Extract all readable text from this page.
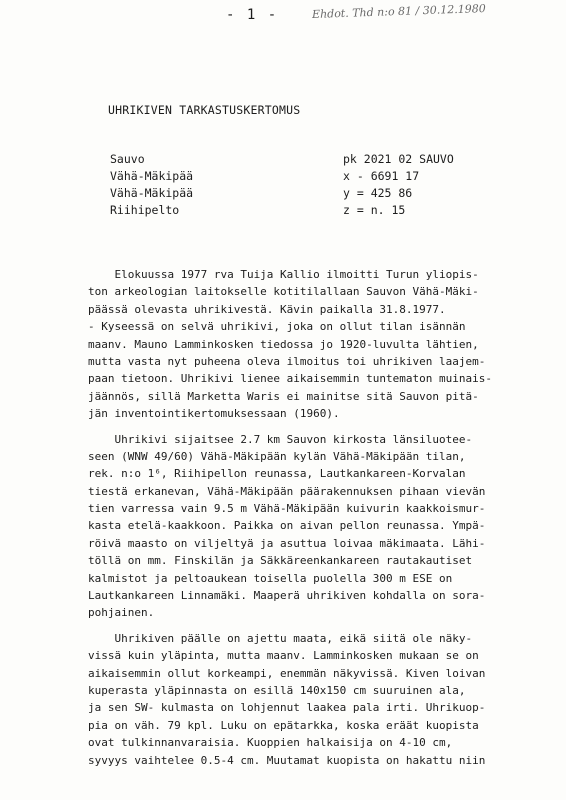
- 1 -	Ehdot. Thd n:o 81 / 30.12.1980
UHRIKIVEN TARKASTUSKERTOMUS
Sauvo	pk 2021 02 SAUVO
Vähä-Mäkipää	x - 6691 17
Vähä-Mäkipää	y = 425 86
Riihipelto	z = n. 15
Elokuussa 1977 rva Tuija Kallio ilmoitti Turun yliopis-
ton arkeologian laitokselle kotitilallaan Sauvon Vähä-Mäki-
päässä olevasta uhrikivestä. Kävin paikalla 31.8.1977.
- Kyseessä on selvä uhrikivi, joka on ollut tilan isännän
maanv. Mauno Lamminkosken tiedossa jo 1920-luvulta lähtien,
mutta vasta nyt puheena oleva ilmoitus toi uhrikiven laajem-
paan tietoon. Uhrikivi lienee aikaisemmin tuntematon muinais-
jäännös, sillä Marketta Waris ei mainitse sitä Sauvon pitä-
jän inventointikertomuksessaan (1960).
Uhrikivi sijaitsee 2.7 km Sauvon kirkosta länsiluotee-
seen (WNW 49/60) Vähä-Mäkipään kylän Vähä-Mäkipään tilan,
rek. n:o 1⁶, Riihipellon reunassa, Lautkankareen-Korvalan
tiestä erkanevan, Vähä-Mäkipään päärakennuksen pihaan vievän
tien varressa vain 9.5 m Vähä-Mäkipään kuivurin kaakkoismur-
kasta etelä-kaakkoon. Paikka on aivan pellon reunassa. Ympä-
röivä maasto on viljeltyä ja asuttua loivaa mäkimaata. Lähi-
töllä on mm. Finskilän ja Säkkäreenkankareen rautakautiset
kalmistot ja peltoaukean toisella puolella 300 m ESE on
Lautkankareen Linnamäki. Maaperä uhrikiven kohdalla on sora-
pohjainen.
Uhrikiven päälle on ajettu maata, eikä siitä ole näky-
vissä kuin yläpinta, mutta maanv. Lamminkosken mukaan se on
aikaisemmin ollut korkeampi, enemmän näkyvissä. Kiven loivan
kuperasta yläpinnasta on esillä 140x150 cm suuruinen ala,
ja sen SW- kulmasta on lohjennut laakea pala irti. Uhrikuop-
pia on väh. 79 kpl. Luku on epätarkka, koska eräät kuopista
ovat tulkinnanvaraisia. Kuoppien halkaisija on 4-10 cm,
syvyys vaihtelee 0.5-4 cm. Muutamat kuopista on hakattu niin
